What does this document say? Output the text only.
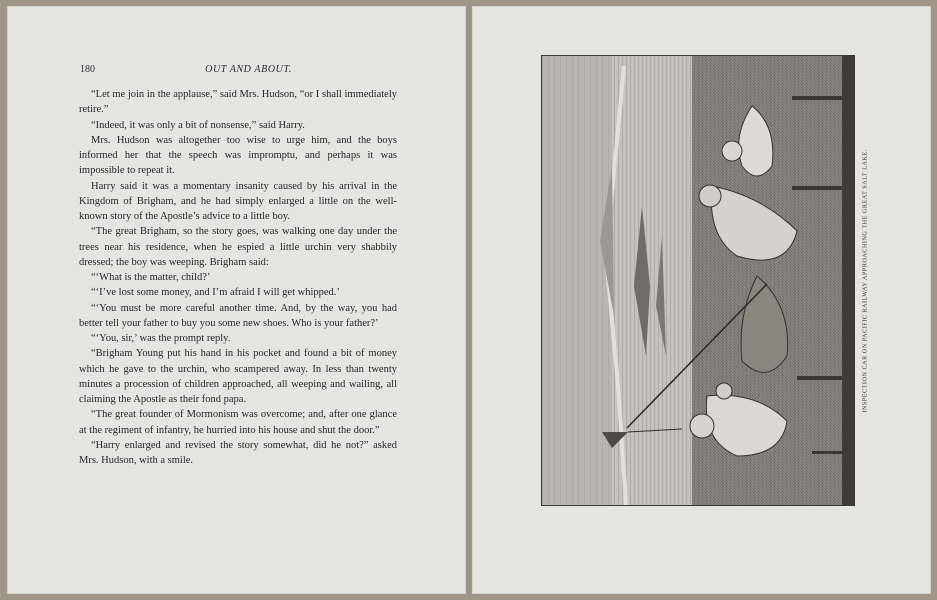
180	OUT AND ABOUT.

“Let me join in the applause,” said Mrs. Hudson, “or I shall immediately retire.”

“Indeed, it was only a bit of nonsense,” said Harry.

Mrs. Hudson was altogether too wise to urge him, and the boys informed her that the speech was impromptu, and perhaps it was impossible to repeat it.

Harry said it was a momentary insanity caused by his arrival in the Kingdom of Brigham, and he had simply enlarged a little on the well-known story of the Apostle’s advice to a little boy.

“The great Brigham, so the story goes, was walking one day under the trees near his residence, when he espied a little urchin very shabbily dressed; the boy was weeping. Brigham said:

“‘What is the matter, child?’

“‘I’ve lost some money, and I’m afraid I will get whipped.’

“‘You must be more careful another time. And, by the way, you had better tell your father to buy you some new shoes. Who is your father?’

“‘You, sir,’ was the prompt reply.

“Brigham Young put his hand in his pocket and found a bit of money which he gave to the urchin, who scampered away. In less than twenty minutes a procession of children approached, all weeping and wailing, all claiming the Apostle as their fond papa.

“The great founder of Mormonism was overcome; and, after one glance at the regiment of infantry, he hurried into his house and shut the door.”

“Harry enlarged and revised the story somewhat, did he not?” asked Mrs. Hudson, with a smile.

INSPECTION CAR ON PACIFIC RAILWAY APPROACHING THE GREAT SALT LAKE.
